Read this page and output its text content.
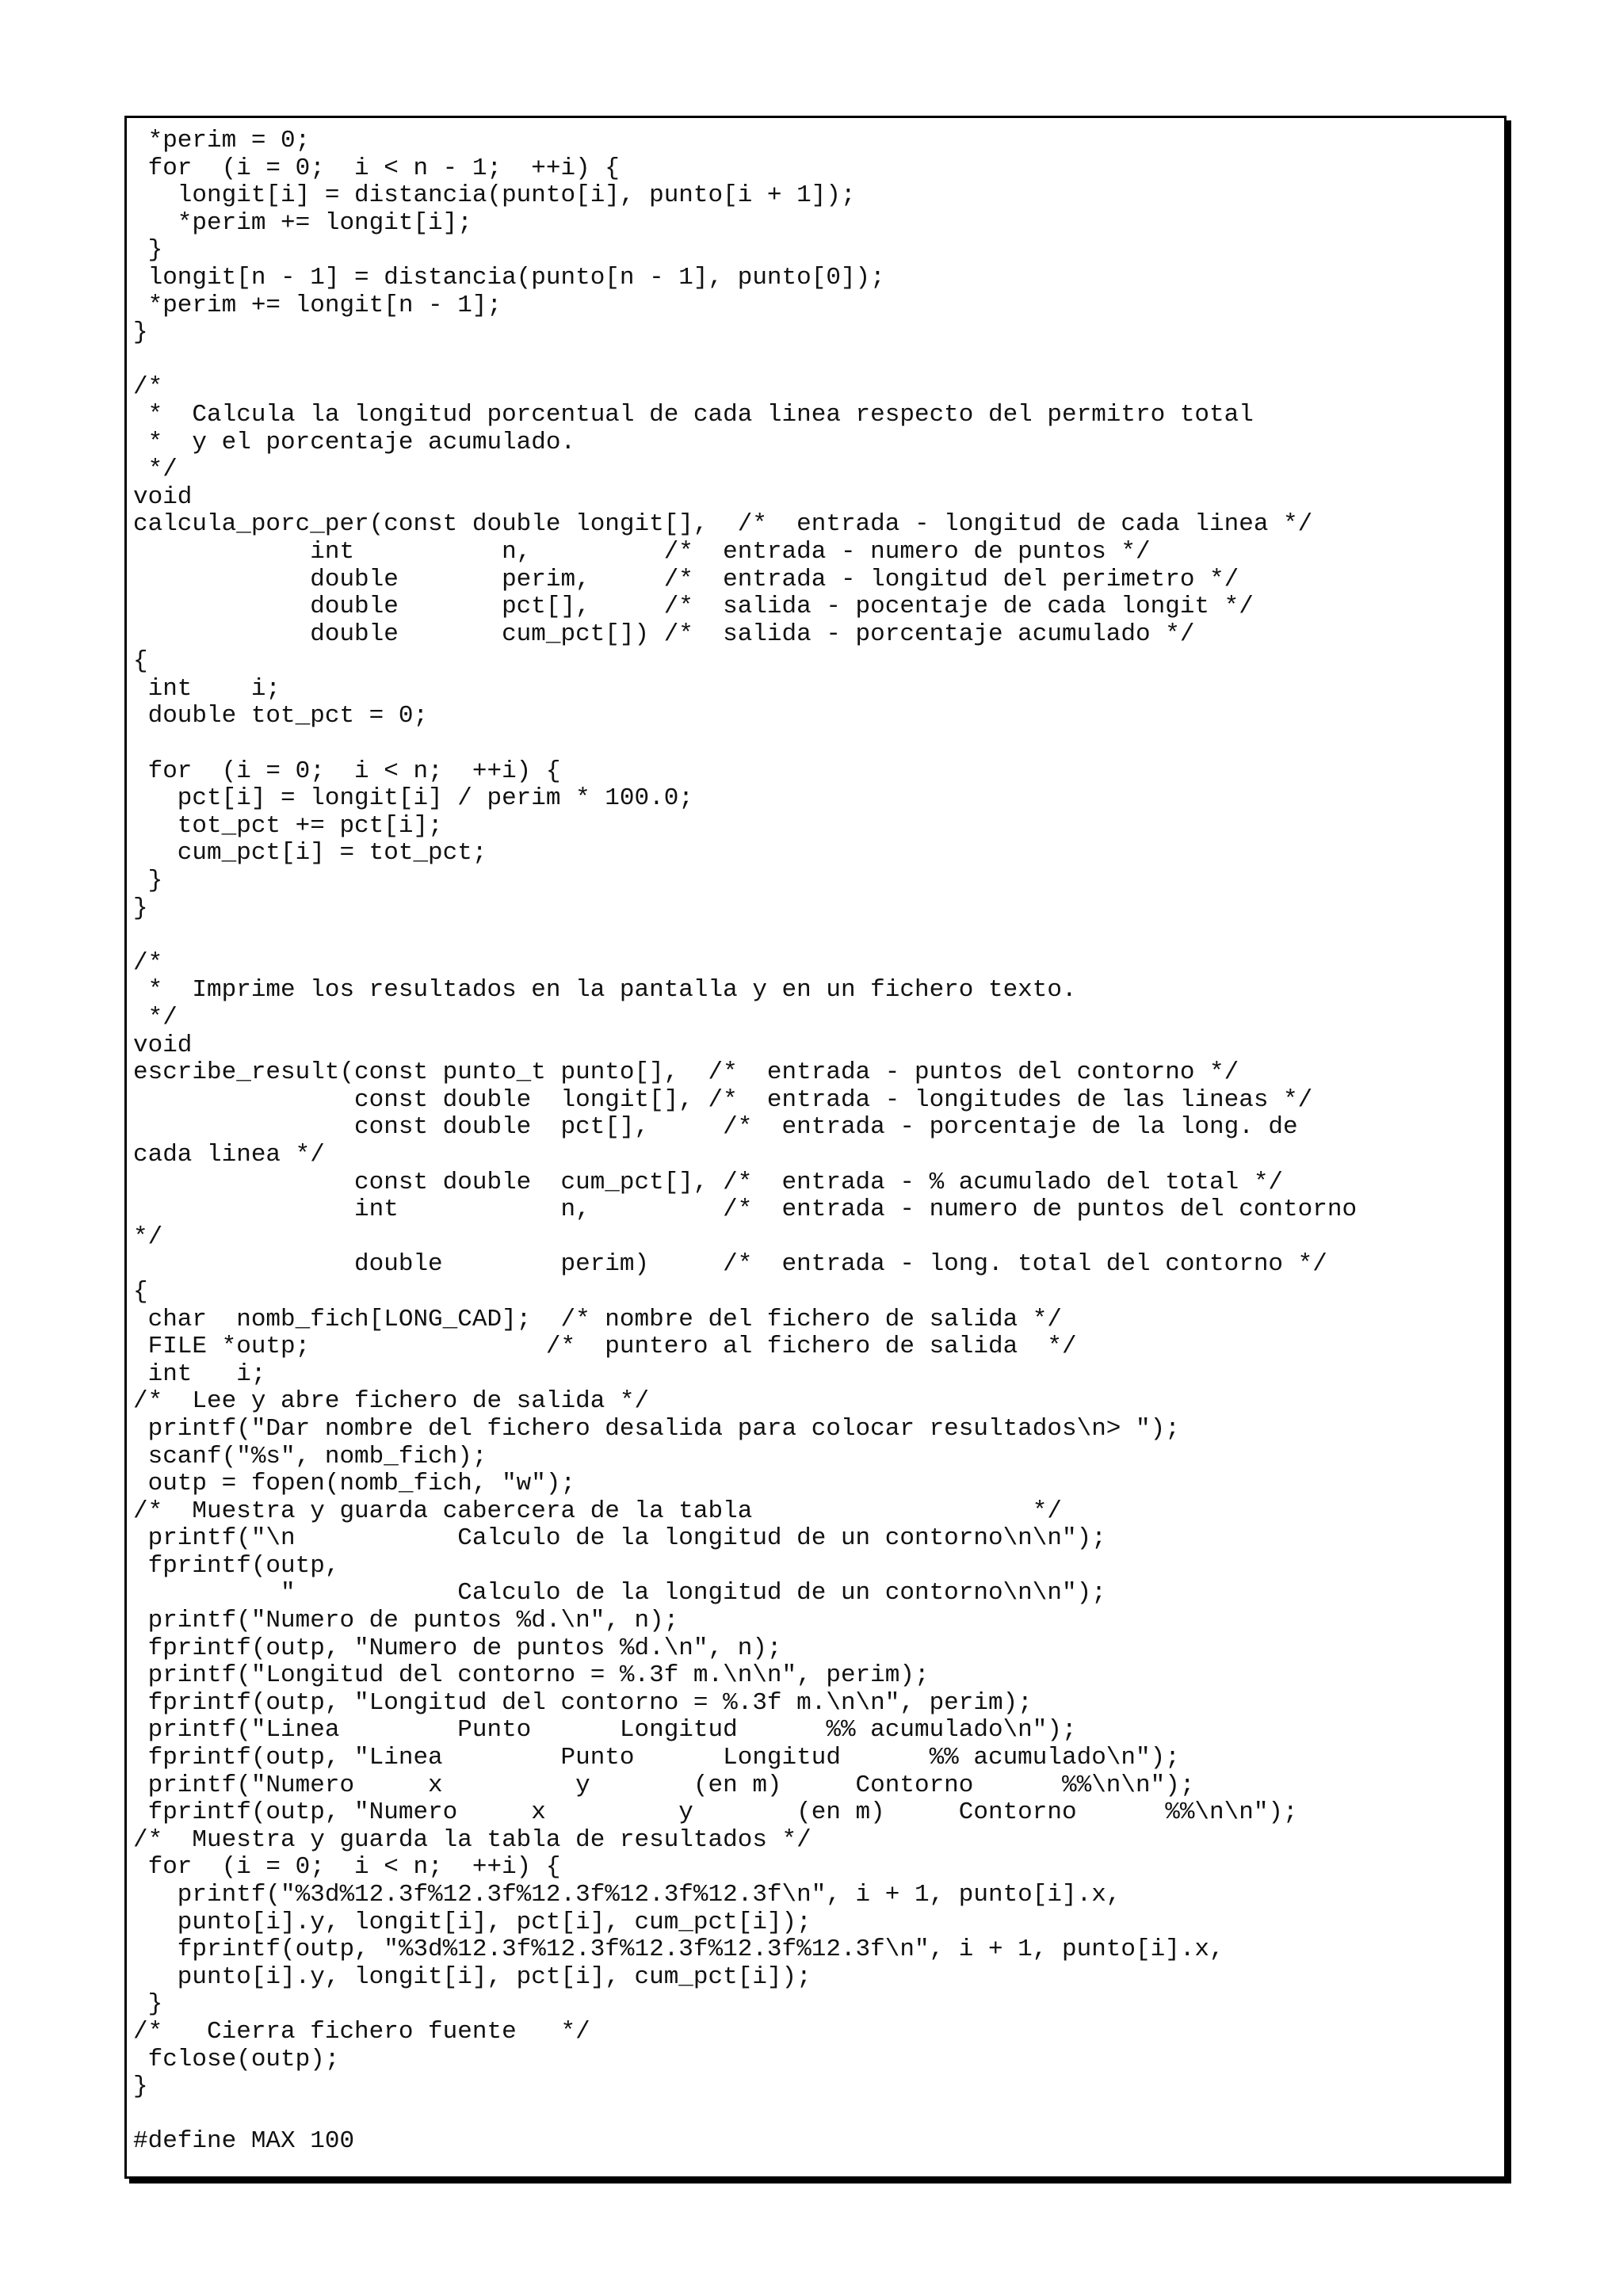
*perim = 0;
for  (i = 0;  i < n - 1;  ++i) {
longit[i] = distancia(punto[i], punto[i + 1]);
*perim += longit[i];
}
longit[n - 1] = distancia(punto[n - 1], punto[0]);
*perim += longit[n - 1];
}
/*
*  Calcula la longitud porcentual de cada linea respecto del permitro total
*  y el porcentaje acumulado.
*/
void
calcula_porc_per(const double longit[],  /*  entrada - longitud de cada linea */
int          n,         /*  entrada - numero de puntos */
double       perim,     /*  entrada - longitud del perimetro */
double       pct[],     /*  salida - pocentaje de cada longit */
double       cum_pct[]) /*  salida - porcentaje acumulado */
{
int    i;
double tot_pct = 0;
for  (i = 0;  i < n;  ++i) {
pct[i] = longit[i] / perim * 100.0;
tot_pct += pct[i];
cum_pct[i] = tot_pct;
}
}
/*
*  Imprime los resultados en la pantalla y en un fichero texto.
*/
void
escribe_result(const punto_t punto[],  /*  entrada - puntos del contorno */
const double  longit[], /*  entrada - longitudes de las lineas */
const double  pct[],     /*  entrada - porcentaje de la long. de
cada linea */
const double  cum_pct[], /*  entrada - % acumulado del total */
int           n,         /*  entrada - numero de puntos del contorno
*/
double        perim)     /*  entrada - long. total del contorno */
{
char  nomb_fich[LONG_CAD];  /* nombre del fichero de salida */
FILE *outp;                /*  puntero al fichero de salida  */
int   i;
/*  Lee y abre fichero de salida */
printf("Dar nombre del fichero desalida para colocar resultados\n> ");
scanf("%s", nomb_fich);
outp = fopen(nomb_fich, "w");
/*  Muestra y guarda cabercera de la tabla                   */
printf("\n           Calculo de la longitud de un contorno\n\n");
fprintf(outp,
"           Calculo de la longitud de un contorno\n\n");
printf("Numero de puntos %d.\n", n);
fprintf(outp, "Numero de puntos %d.\n", n);
printf("Longitud del contorno = %.3f m.\n\n", perim);
fprintf(outp, "Longitud del contorno = %.3f m.\n\n", perim);
printf("Linea        Punto      Longitud      %% acumulado\n");
fprintf(outp, "Linea        Punto      Longitud      %% acumulado\n");
printf("Numero     x         y       (en m)     Contorno      %%\n\n");
fprintf(outp, "Numero     x         y       (en m)     Contorno      %%\n\n");
/*  Muestra y guarda la tabla de resultados */
for  (i = 0;  i < n;  ++i) {
printf("%3d%12.3f%12.3f%12.3f%12.3f%12.3f\n", i + 1, punto[i].x,
punto[i].y, longit[i], pct[i], cum_pct[i]);
fprintf(outp, "%3d%12.3f%12.3f%12.3f%12.3f%12.3f\n", i + 1, punto[i].x,
punto[i].y, longit[i], pct[i], cum_pct[i]);
}
/*   Cierra fichero fuente   */
fclose(outp);
}
#define MAX 100
